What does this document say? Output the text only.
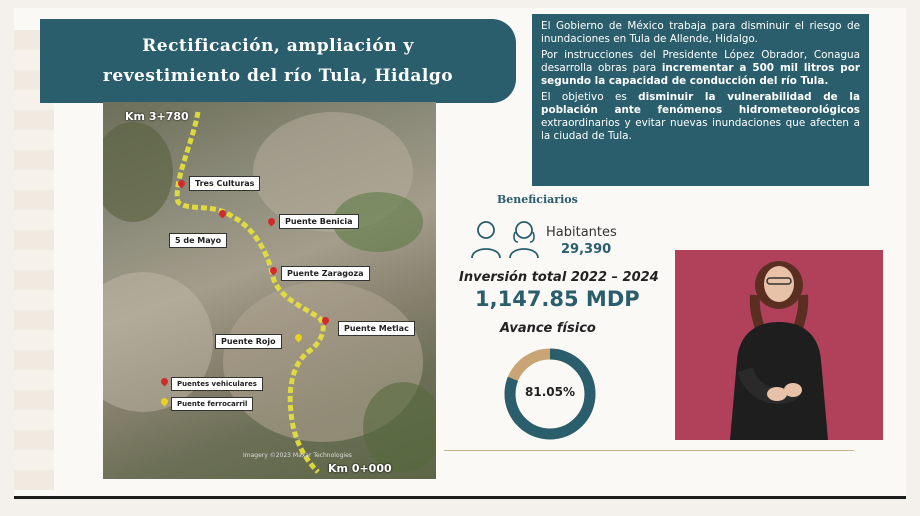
Rectificación, ampliación y
revestimiento del río Tula, Hidalgo
Km 3+780
Km 0+000
Tres Culturas
5 de Mayo
Puente Benicia
Puente Zaragoza
Puente Metlac
Puente Rojo
Puentes vehiculares
Puente ferrocarril
Imagery ©2023 Maxar Technologies

El Gobierno de México trabaja para disminuir el riesgo de inundaciones en Tula de Allende, Hidalgo.

Por instrucciones del Presidente López Obrador, Conagua desarrolla obras para incrementar a 500 mil litros por segundo la capacidad de conducción del río Tula.

El objetivo es disminuir la vulnerabilidad de la población ante fenómenos hidrometeorológicos extraordinarios y evitar nuevas inundaciones que afecten a la ciudad de Tula.

Beneficiarios
Habitantes
29,390
Inversión total 2022 – 2024
1,147.85 MDP
Avance físico
81.05%
